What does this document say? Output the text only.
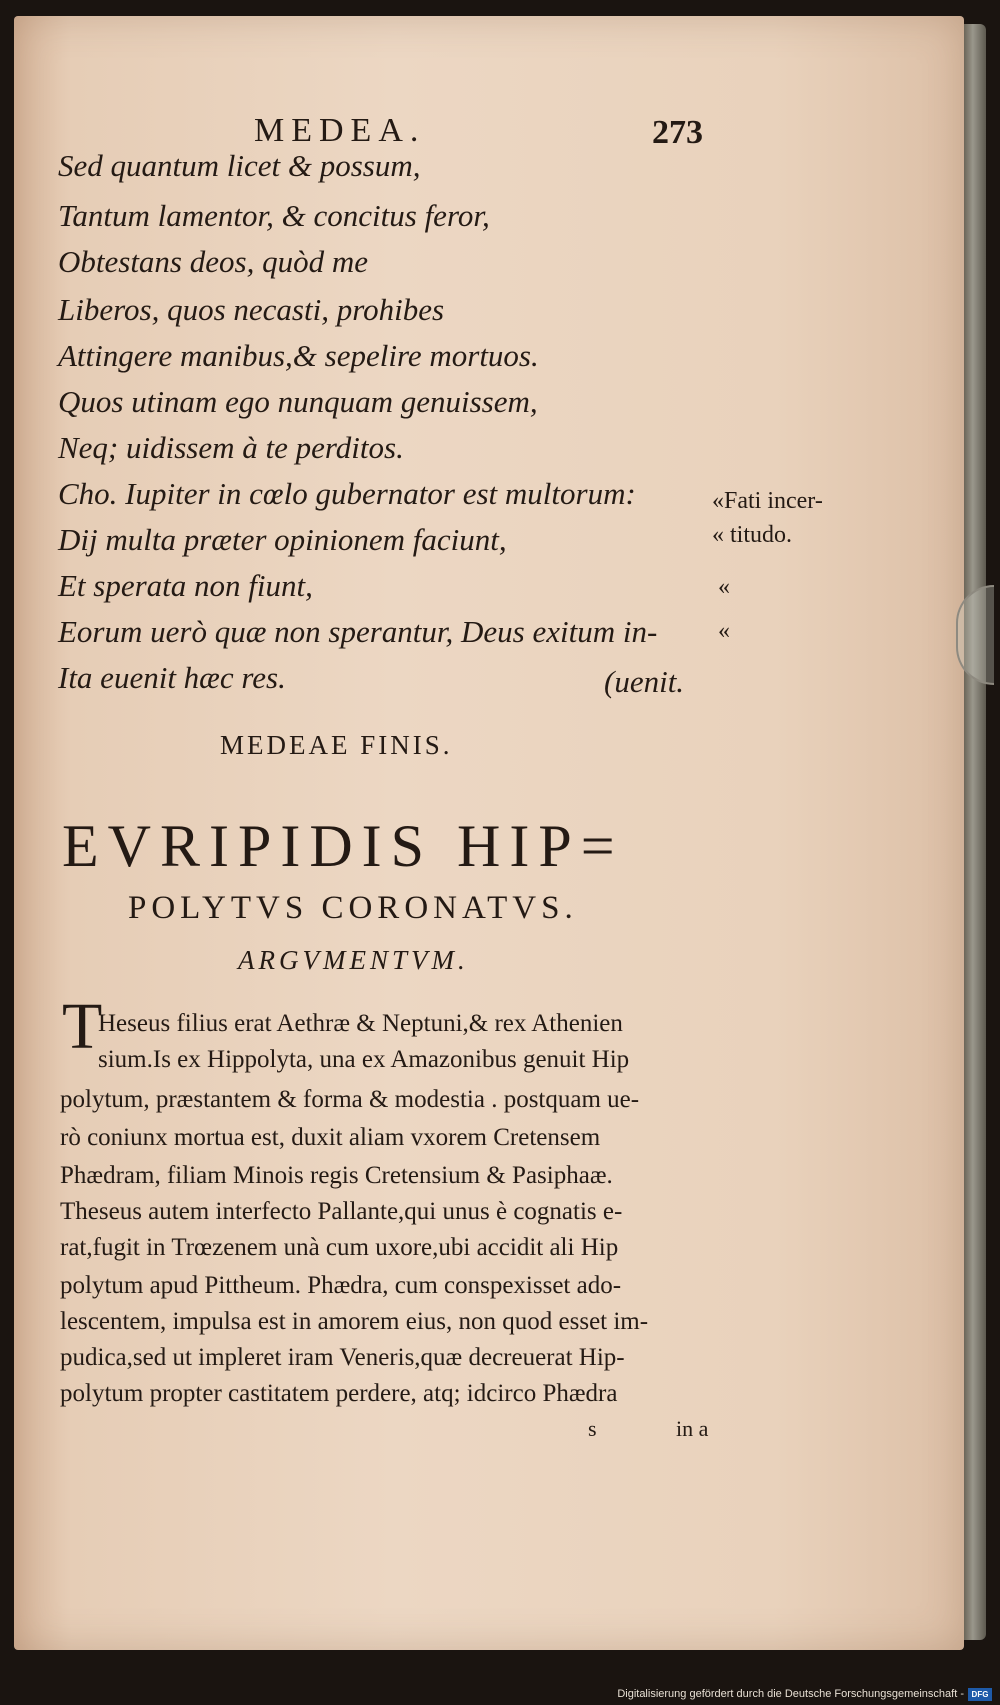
MEDEA.	273
Sed quantum licet & possum,
Tantum lamentor, & concitus feror,
Obtestans deos, quòd me
Liberos, quos necasti, prohibes
Attingere manibus,& sepelire mortuos.
Quos utinam ego nunquam genuissem,
Neq; uidissem à te perditos.
Cho. Iupiter in cœlo gubernator est multorum:
Dij multa præter opinionem faciunt,
Et sperata non fiunt,
Eorum uerò quæ non sperantur, Deus exitum in-
Ita euenit hæc res.	(uenit.
«Fati incer-
« titudo.
«
«
MEDEAE FINIS.
EVRIPIDIS HIP=
POLYTVS CORONATVS.
ARGVMENTVM.
T
Heseus filius erat Aethræ & Neptuni,& rex Athenien
sium.Is ex Hippolyta, una ex Amazonibus genuit Hip
polytum, præstantem & forma & modestia . postquam ue-
rò coniunx mortua est, duxit aliam vxorem Cretensem
Phædram, filiam Minois regis Cretensium & Pasiphaæ.
Theseus autem interfecto Pallante,qui unus è cognatis e-
rat,fugit in Trœzenem unà cum uxore,ubi accidit ali Hip
polytum apud Pittheum. Phædra, cum conspexisset ado-
lescentem, impulsa est in amorem eius, non quod esset im-
pudica,sed ut impleret iram Veneris,quæ decreuerat Hip-
polytum propter castitatem perdere, atq; idcirco Phædra
s	in a
Digitalisierung gefördert durch die Deutsche Forschungsgemeinschaft - DFG
